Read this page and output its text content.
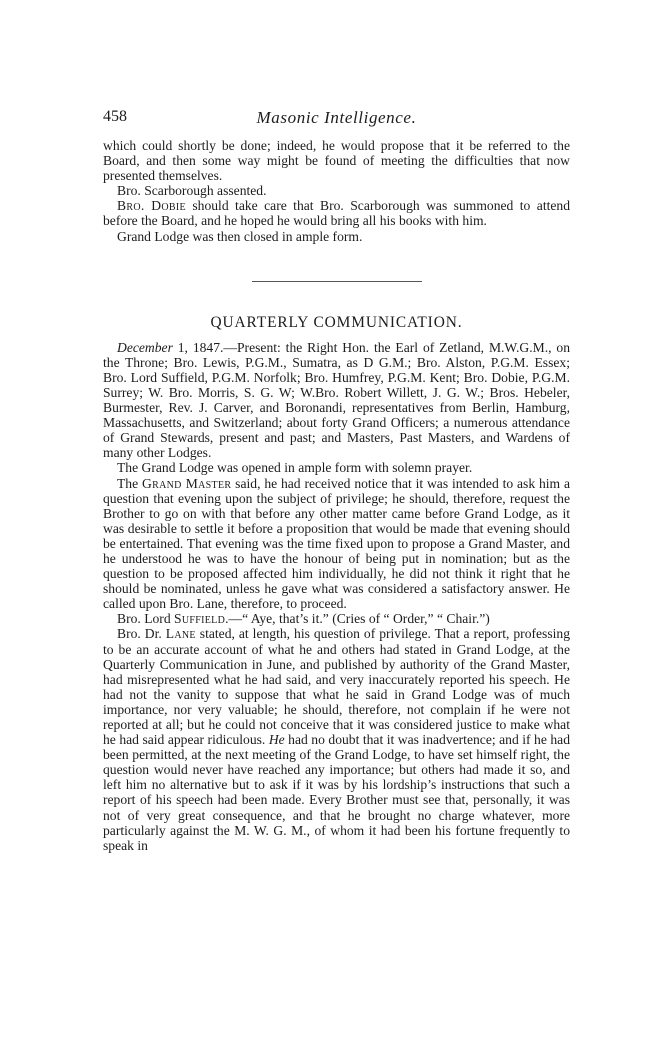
458	Masonic Intelligence.

which could shortly be done; indeed, he would propose that it be referred to the Board, and then some way might be found of meeting the difficulties that now presented themselves.

Bro. Scarborough assented.

Bro. Dobie should take care that Bro. Scarborough was summoned to attend before the Board, and he hoped he would bring all his books with him.

Grand Lodge was then closed in ample form.

QUARTERLY COMMUNICATION.

December 1, 1847.—Present: the Right Hon. the Earl of Zetland, M.W.G.M., on the Throne; Bro. Lewis, P.G.M., Sumatra, as D G.M.; Bro. Alston, P.G.M. Essex; Bro. Lord Suffield, P.G.M. Norfolk; Bro. Humfrey, P.G.M. Kent; Bro. Dobie, P.G.M. Surrey; W. Bro. Morris, S. G. W; W.Bro. Robert Willett, J. G. W.; Bros. Hebeler, Burmester, Rev. J. Carver, and Boronandi, representatives from Berlin, Hamburg, Massachusetts, and Switzerland; about forty Grand Officers; a numerous attendance of Grand Stewards, present and past; and Masters, Past Masters, and Wardens of many other Lodges.

The Grand Lodge was opened in ample form with solemn prayer.

The Grand Master said, he had received notice that it was intended to ask him a question that evening upon the subject of privilege; he should, therefore, request the Brother to go on with that before any other matter came before Grand Lodge, as it was desirable to settle it before a proposition that would be made that evening should be entertained. That evening was the time fixed upon to propose a Grand Master, and he understood he was to have the honour of being put in nomination; but as the question to be proposed affected him individually, he did not think it right that he should be nominated, unless he gave what was considered a satisfactory answer. He called upon Bro. Lane, therefore, to proceed.

Bro. Lord Suffield.—“ Aye, that’s it.” (Cries of “ Order,” “ Chair.”)

Bro. Dr. Lane stated, at length, his question of privilege. That a report, professing to be an accurate account of what he and others had stated in Grand Lodge, at the Quarterly Communication in June, and published by authority of the Grand Master, had misrepresented what he had said, and very inaccurately reported his speech. He had not the vanity to suppose that what he said in Grand Lodge was of much importance, nor very valuable; he should, therefore, not complain if he were not reported at all; but he could not conceive that it was considered justice to make what he had said appear ridiculous. He had no doubt that it was inadvertence; and if he had been permitted, at the next meeting of the Grand Lodge, to have set himself right, the question would never have reached any importance; but others had made it so, and left him no alternative but to ask if it was by his lordship’s instructions that such a report of his speech had been made. Every Brother must see that, personally, it was not of very great consequence, and that he brought no charge whatever, more particularly against the M. W. G. M., of whom it had been his fortune frequently to speak in
